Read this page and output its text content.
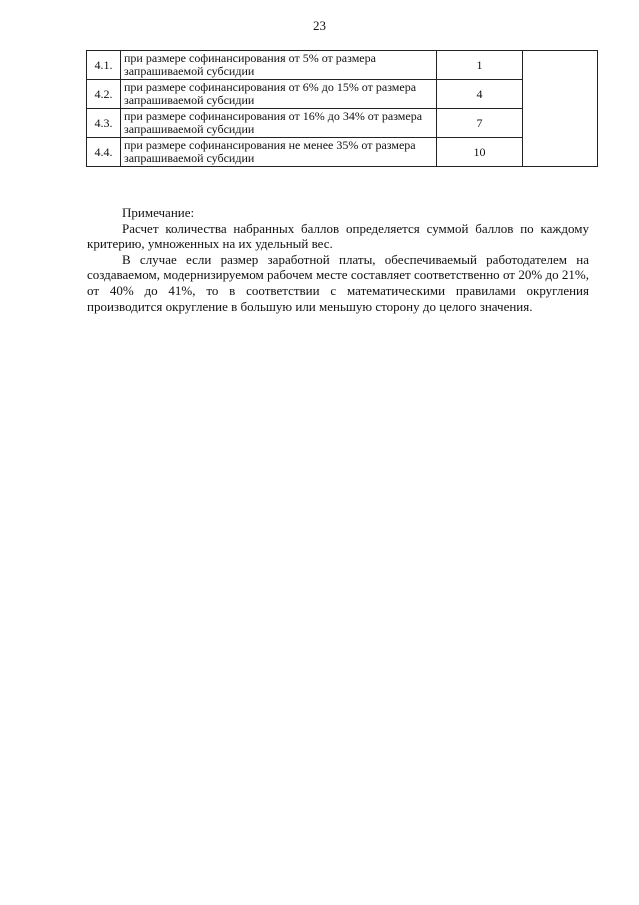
23
4.1.	при размере софинансирования от 5% от размера запрашиваемой субсидии	1	
4.2.	при размере софинансирования от 6% до 15% от размера запрашиваемой субсидии	4	
4.3.	при размере софинансирования от 16% до 34% от размера запрашиваемой субсидии	7	
4.4.	при размере софинансирования не менее 35% от размера запрашиваемой субсидии	10	

Примечание:

Расчет количества набранных баллов определяется суммой баллов по каждому критерию, умноженных на их удельный вес.

В случае если размер заработной платы, обеспечиваемый работодателем на создаваемом, модернизируемом рабочем месте составляет соответственно от 20% до 21%, от 40% до 41%, то в соответствии с математическими правилами округления производится округление в большую или меньшую сторону до целого значения.
